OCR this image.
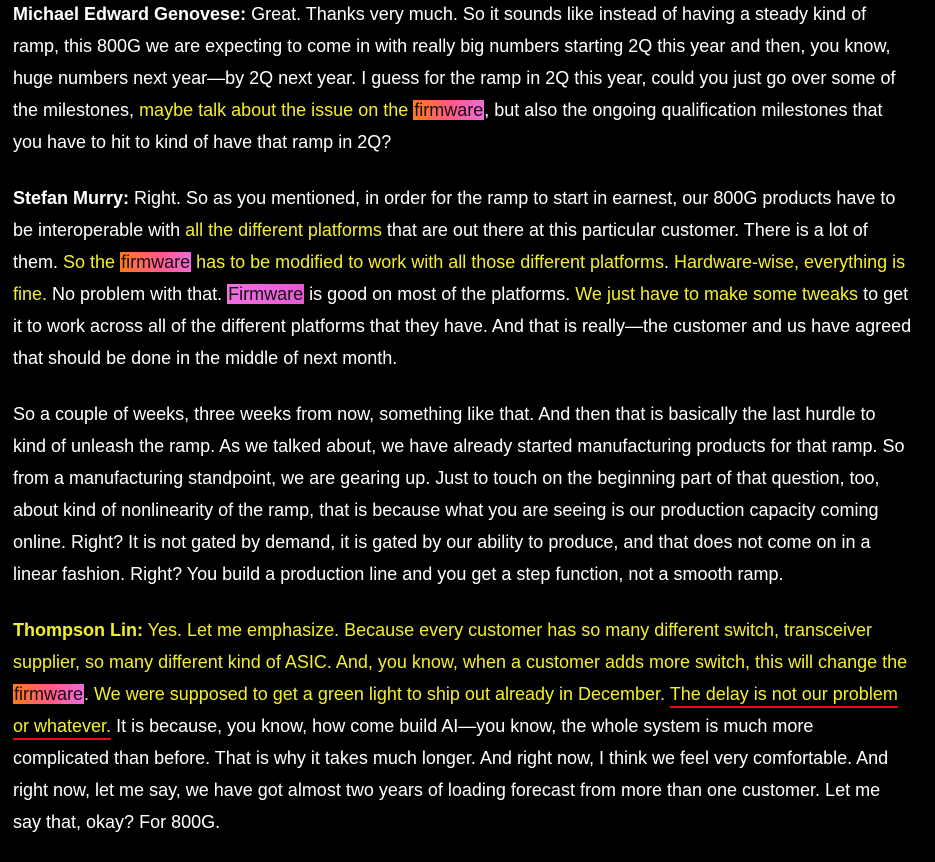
Michael Edward Genovese: Great. Thanks very much. So it sounds like instead of having a steady kind of ramp, this 800G we are expecting to come in with really big numbers starting 2Q this year and then, you know, huge numbers next year—by 2Q next year. I guess for the ramp in 2Q this year, could you just go over some of the milestones, maybe talk about the issue on the firmware, but also the ongoing qualification milestones that you have to hit to kind of have that ramp in 2Q?

Stefan Murry: Right. So as you mentioned, in order for the ramp to start in earnest, our 800G products have to be interoperable with all the different platforms that are out there at this particular customer. There is a lot of them. So the firmware has to be modified to work with all those different platforms. Hardware-wise, everything is fine. No problem with that. Firmware is good on most of the platforms. We just have to make some tweaks to get it to work across all of the different platforms that they have. And that is really—the customer and us have agreed that should be done in the middle of next month.

So a couple of weeks, three weeks from now, something like that. And then that is basically the last hurdle to kind of unleash the ramp. As we talked about, we have already started manufacturing products for that ramp. So from a manufacturing standpoint, we are gearing up. Just to touch on the beginning part of that question, too, about kind of nonlinearity of the ramp, that is because what you are seeing is our production capacity coming online. Right? It is not gated by demand, it is gated by our ability to produce, and that does not come on in a linear fashion. Right? You build a production line and you get a step function, not a smooth ramp.

Thompson Lin: Yes. Let me emphasize. Because every customer has so many different switch, transceiver supplier, so many different kind of ASIC. And, you know, when a customer adds more switch, this will change the firmware. We were supposed to get a green light to ship out already in December. The delay is not our problem or whatever. It is because, you know, how come build AI—you know, the whole system is much more complicated than before. That is why it takes much longer. And right now, I think we feel very comfortable. And right now, let me say, we have got almost two years of loading forecast from more than one customer. Let me say that, okay? For 800G.
